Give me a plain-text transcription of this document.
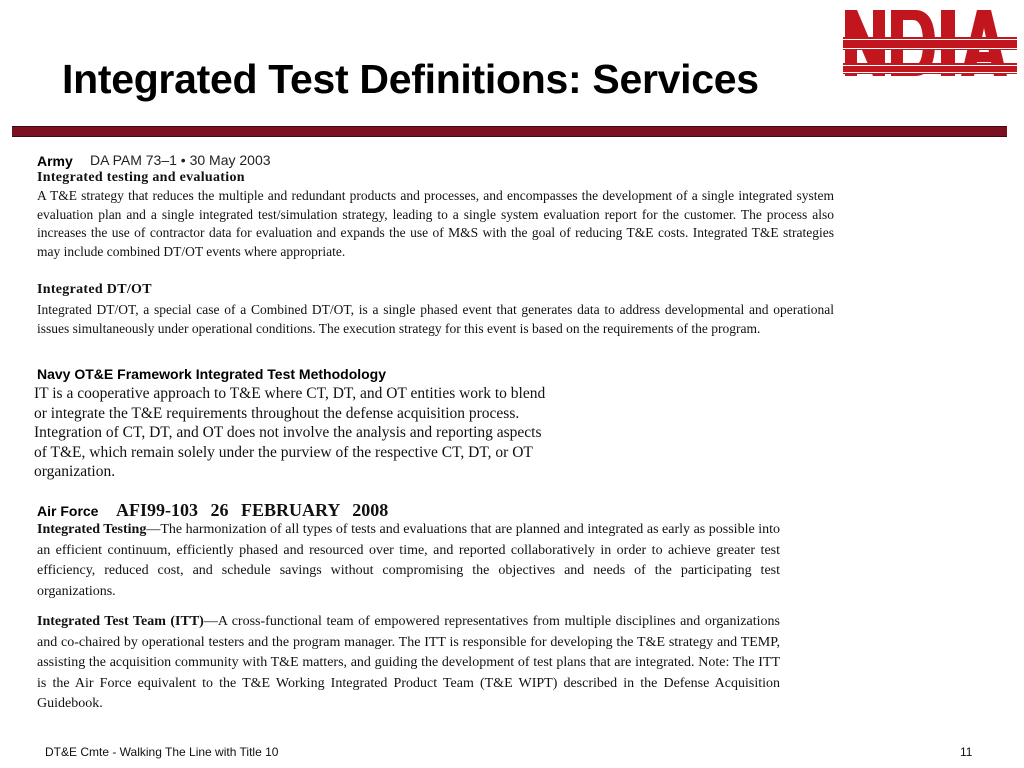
Integrated Test Definitions: Services
Army DA PAM 73–1 • 30 May 2003
Integrated testing and evaluation
A T&E strategy that reduces the multiple and redundant products and processes, and encompasses the development of a single integrated system evaluation plan and a single integrated test/simulation strategy, leading to a single system evaluation report for the customer. The process also increases the use of contractor data for evaluation and expands the use of M&S with the goal of reducing T&E costs. Integrated T&E strategies may include combined DT/OT events where appropriate.
Integrated DT/OT
Integrated DT/OT, a special case of a Combined DT/OT, is a single phased event that generates data to address developmental and operational issues simultaneously under operational conditions. The execution strategy for this event is based on the requirements of the program.
Navy OT&E Framework Integrated Test Methodology
IT is a cooperative approach to T&E where CT, DT, and OT entities work to blend
or integrate the T&E requirements throughout the defense acquisition process.
Integration of CT, DT, and OT does not involve the analysis and reporting aspects
of T&E, which remain solely under the purview of the respective CT, DT, or OT
organization.
Air Force AFI99-103 26 FEBRUARY 2008
Integrated Testing—The harmonization of all types of tests and evaluations that are planned and integrated as early as possible into an efficient continuum, efficiently phased and resourced over time, and reported collaboratively in order to achieve greater test efficiency, reduced cost, and schedule savings without compromising the objectives and needs of the participating test organizations.
Integrated Test Team (ITT)—A cross-functional team of empowered representatives from multiple disciplines and organizations and co-chaired by operational testers and the program manager. The ITT is responsible for developing the T&E strategy and TEMP, assisting the acquisition community with T&E matters, and guiding the development of test plans that are integrated. Note: The ITT is the Air Force equivalent to the T&E Working Integrated Product Team (T&E WIPT) described in the Defense Acquisition Guidebook.
DT&E Cmte - Walking The Line with Title 10	11
